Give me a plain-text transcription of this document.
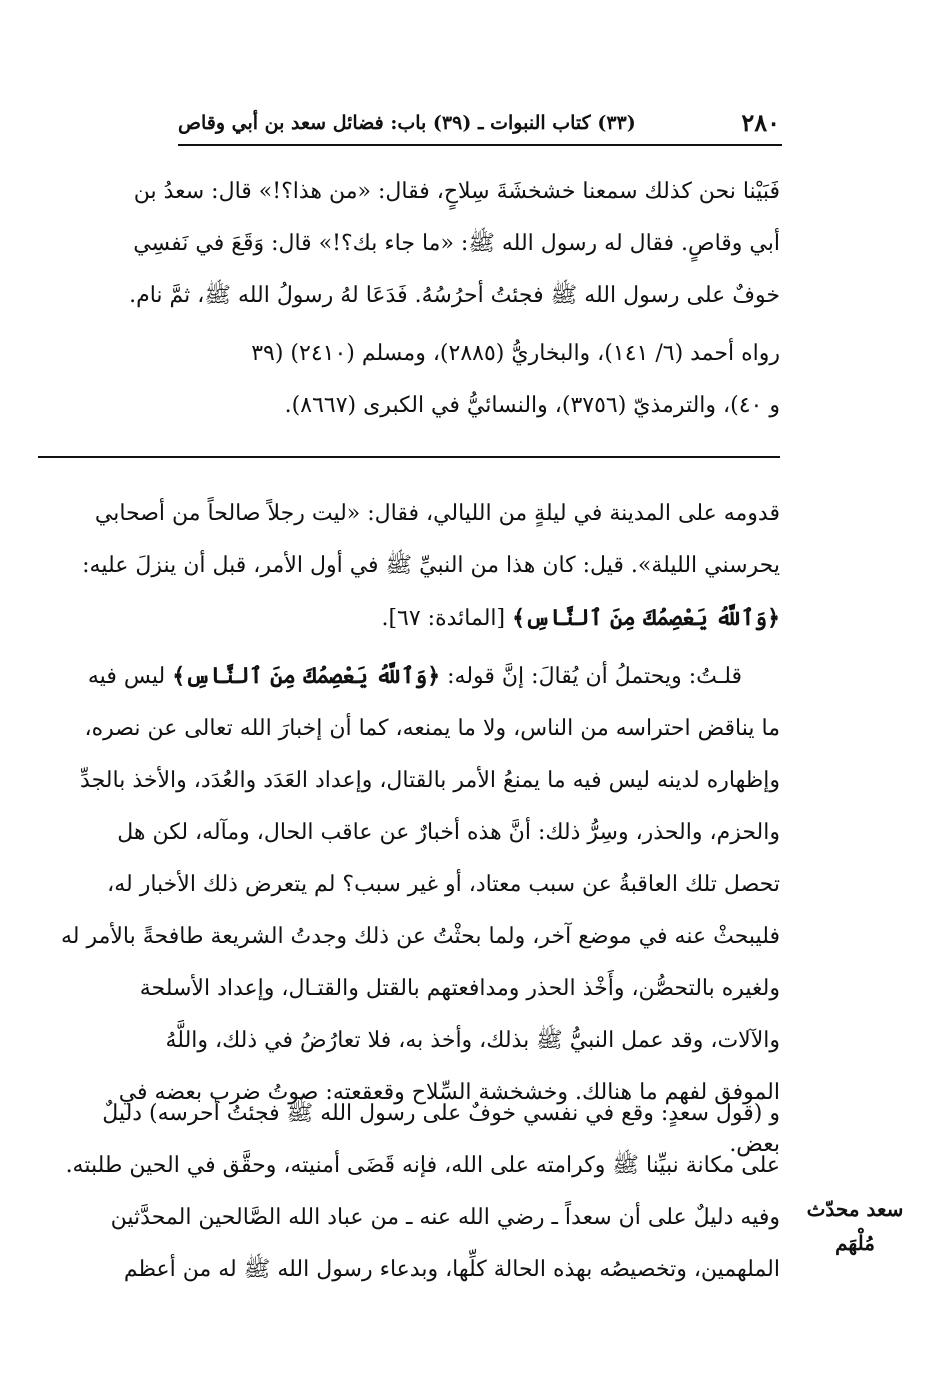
٢٨٠
(٣٣) كتاب النبوات ـ (٣٩) باب: فضائل سعد بن أبي وقاص
فَبَيْنا نحن كذلك سمعنا خشخشَةَ سِلاحٍ، فقال: «من هذا؟!» قال: سعدُ بن
أبي وقاصٍ. فقال له رسول الله ﷺ: «ما جاء بك؟!» قال: وَقَعَ في نَفسِي
خوفٌ على رسول الله ﷺ فجئتُ أحرُسُهُ. فَدَعَا لهُ رسولُ الله ﷺ، ثمَّ نام.
رواه أحمد (٦/ ١٤١)، والبخاريُّ (٢٨٨٥)، ومسلم (٢٤١٠) (٣٩
و ٤٠)، والترمذيّ (٣٧٥٦)، والنسائيُّ في الكبرى (٨٦٦٧).
قدومه على المدينة في ليلةٍ من الليالي، فقال: «ليت رجلاً صالحاً من أصحابي
يحرسني الليلة». قيل: كان هذا من النبيِّ ﷺ في أول الأمر، قبل أن ينزلَ عليه:
﴿وَٱللَّهُ يَعْصِمُكَ مِنَ ٱلنَّاسِ﴾ [المائدة: ٦٧].
قلـتُ: ويحتملُ أن يُقالَ: إنَّ قوله: ﴿وَٱللَّهُ يَعْصِمُكَ مِنَ ٱلنَّاسِ﴾ ليس فيه
ما يناقض احتراسه من الناس، ولا ما يمنعه، كما أن إخبارَ الله تعالى عن نصره،
وإظهاره لدينه ليس فيه ما يمنعُ الأمر بالقتال، وإعداد العَدَد والعُدَد، والأخذ بالجدِّ
والحزم، والحذر، وسِرُّ ذلك: أنَّ هذه أخبارٌ عن عاقب الحال، ومآله، لكن هل
تحصل تلك العاقبةُ عن سبب معتاد، أو غير سبب؟ لم يتعرض ذلك الأخبار له،
فليبحثْ عنه في موضع آخر، ولما بحثْتُ عن ذلك وجدتُ الشريعة طافحةً بالأمر له
ولغيره بالتحصُّن، وأَخْذ الحذر ومدافعتهم بالقتل والقتـال، وإعداد الأسلحة
والآلات، وقد عمل النبيُّ ﷺ بذلك، وأخذ به، فلا تعارُضُ في ذلك، واللَّهُ
الموفق لفهم ما هنالك. وخشخشة السِّلاح وقعقعته: صوتُ ضرب بعضه في
بعض.
و (قول سعدٍ: وقع في نفسي خوفٌ على رسول الله ﷺ فجئتُ أحرسه) دليلٌ
على مكانة نبيِّنا ﷺ وكرامته على الله، فإنه قَضَى أمنيته، وحقَّق في الحين طلبته.
وفيه دليلٌ على أن سعداً ـ رضي الله عنه ـ من عباد الله الصَّالحين المحدَّثين
الملهمين، وتخصيصُه بهذه الحالة كلِّها، وبدعاء رسول الله ﷺ له من أعظم
سعد محدّث
مُلْهَم
